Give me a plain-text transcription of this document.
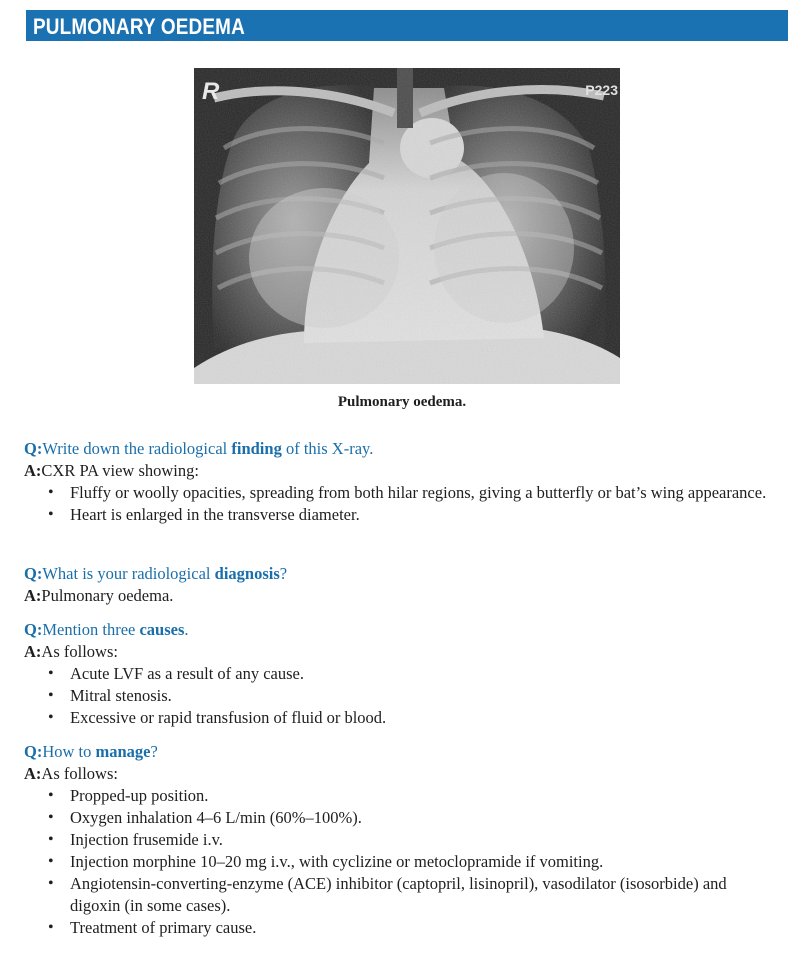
PULMONARY OEDEMA
R	P223
Pulmonary oedema.
Q:Write down the radiological finding of this X-ray.
A:CXR PA view showing:
• Fluffy or woolly opacities, spreading from both hilar regions, giving a butterfly or bat’s wing appearance.
• Heart is enlarged in the transverse diameter.
Q:What is your radiological diagnosis?
A:Pulmonary oedema.
Q:Mention three causes.
A:As follows:
• Acute LVF as a result of any cause.
• Mitral stenosis.
• Excessive or rapid transfusion of fluid or blood.
Q:How to manage?
A:As follows:
• Propped-up position.
• Oxygen inhalation 4–6 L/min (60%–100%).
• Injection frusemide i.v.
• Injection morphine 10–20 mg i.v., with cyclizine or metoclopramide if vomiting.
• Angiotensin-converting-enzyme (ACE) inhibitor (captopril, lisinopril), vasodilator (isosorbide) and digoxin (in some cases).
• Treatment of primary cause.
